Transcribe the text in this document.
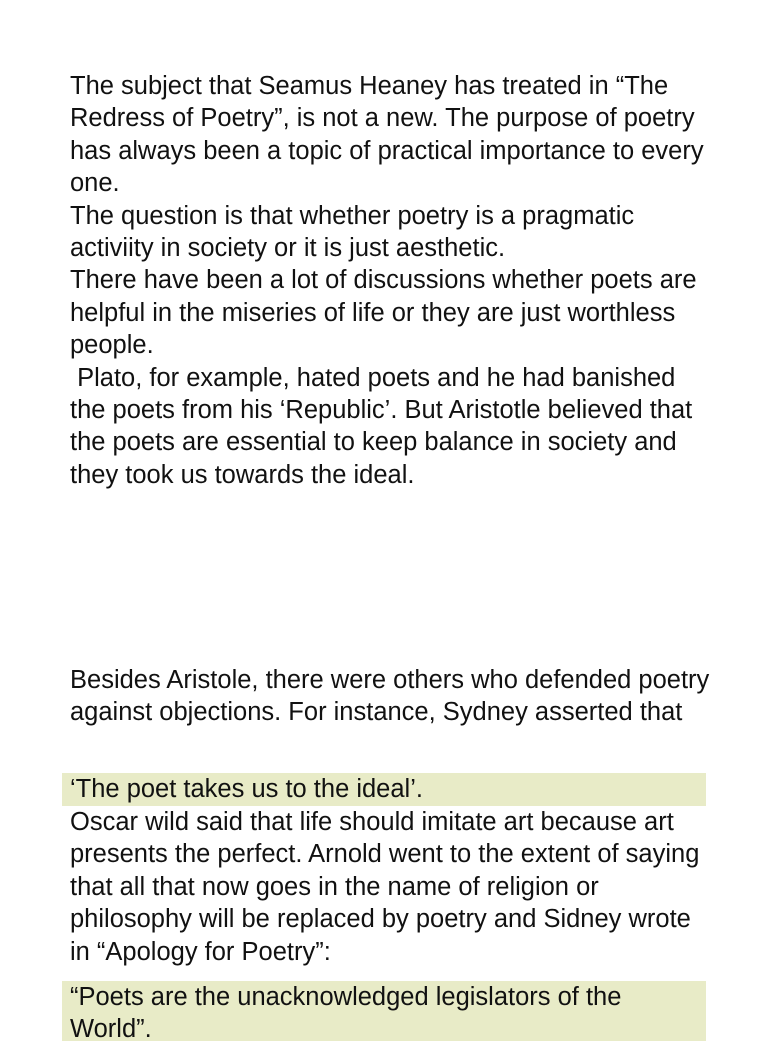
The subject that Seamus Heaney has treated in “The Redress of Poetry”, is not a new. The purpose of poetry has always been a topic of practical importance to every one.

The question is that whether poetry is a pragmatic activiity in society or it is just aesthetic.

There have been a lot of discussions whether poets are helpful in the miseries of life or they are just worthless people.

Plato, for example, hated poets and he had banished the poets from his ‘Republic’. But Aristotle believed that the poets are essential to keep balance in society and they took us towards the ideal.

Besides Aristole, there were others who defended poetry against objections. For instance, Sydney asserted that

‘The poet takes us to the ideal’.

Oscar wild said that life should imitate art because art presents the perfect. Arnold went to the extent of saying that all that now goes in the name of religion or philosophy will be replaced by poetry and Sidney wrote in “Apology for Poetry”:

“Poets are the unacknowledged legislators of the World”.
